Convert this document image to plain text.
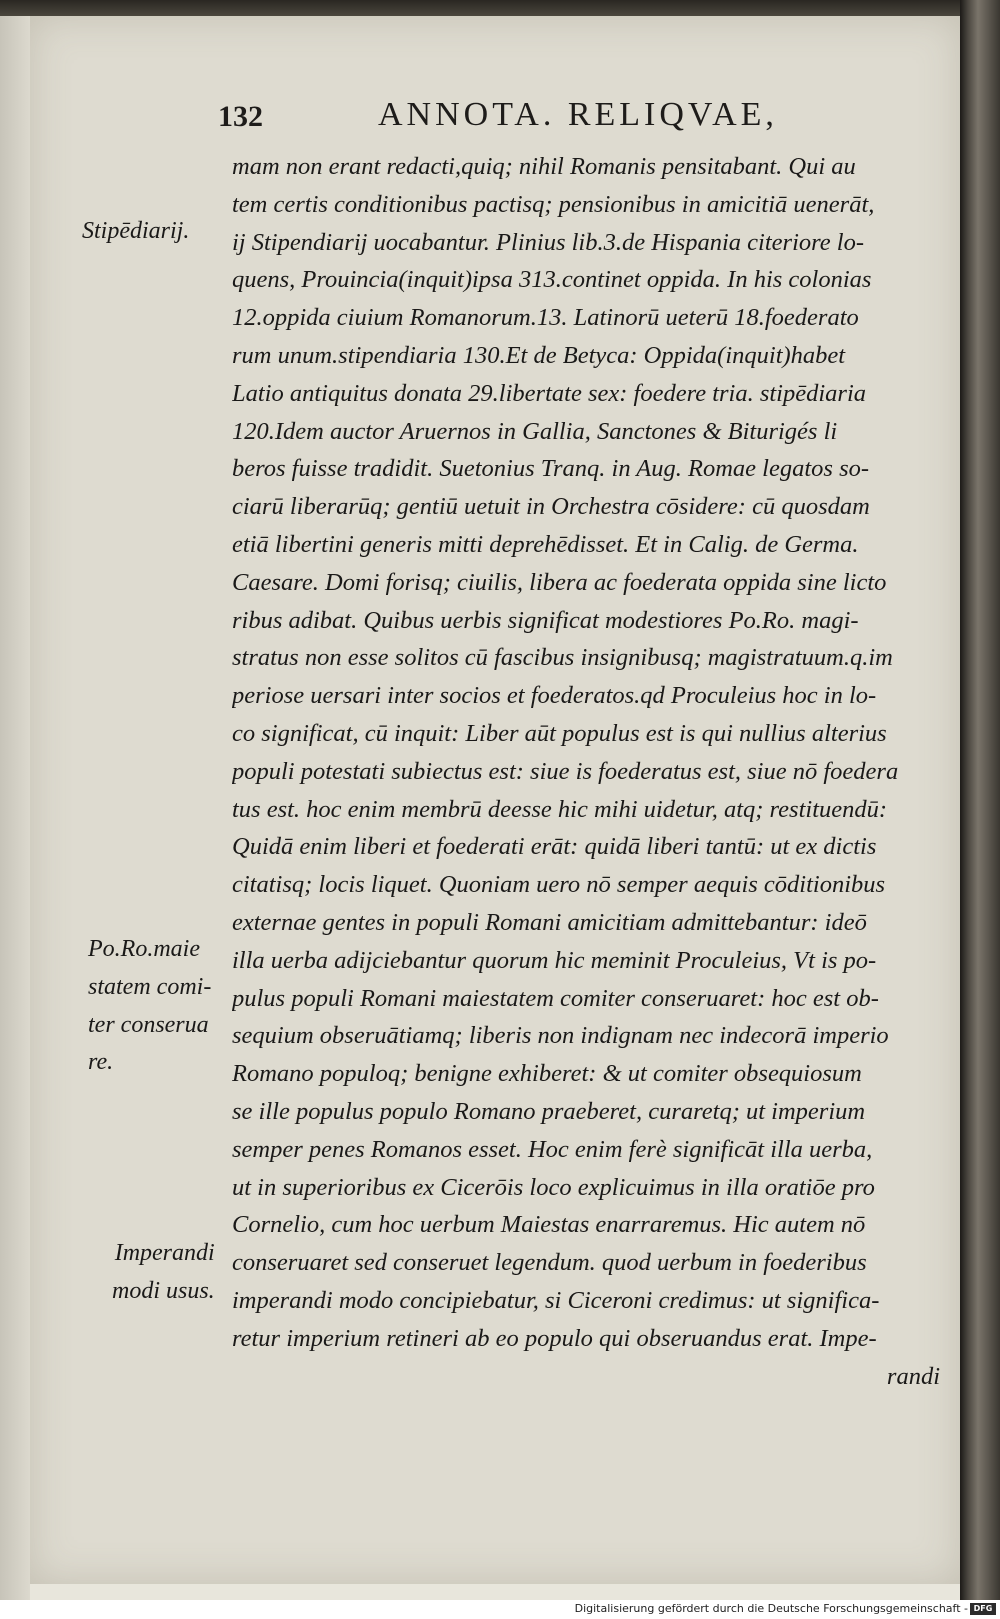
132	ANNOTA. RELIQVAE,
mam non erant redacti,quiq; nihil Romanis pensitabant. Qui au
tem certis conditionibus pactisq; pensionibus in amicitiā uenerāt,
ij Stipendiarij uocabantur. Plinius lib.3.de Hispania citeriore lo-
quens, Prouincia(inquit)ipsa 313.continet oppida. In his colonias
12.oppida ciuium Romanorum.13. Latinorū ueterū 18.foederato
rum unum.stipendiaria 130.Et de Betyca: Oppida(inquit)habet
Latio antiquitus donata 29.libertate sex: foedere tria. stipēdiaria
120.Idem auctor Aruernos in Gallia, Sanctones & Biturigés li
beros fuisse tradidit. Suetonius Tranq. in Aug. Romae legatos so-
ciarū liberarūq; gentiū uetuit in Orchestra cōsidere: cū quosdam
etiā libertini generis mitti deprehēdisset. Et in Calig. de Germa.
Caesare. Domi forisq; ciuilis, libera ac foederata oppida sine licto
ribus adibat. Quibus uerbis significat modestiores Po.Ro. magi-
stratus non esse solitos cū fascibus insignibusq; magistratuum.q.im
periose uersari inter socios et foederatos.qd Proculeius hoc in lo-
co significat, cū inquit: Liber aūt populus est is qui nullius alterius
populi potestati subiectus est: siue is foederatus est, siue nō foedera
tus est. hoc enim membrū deesse hic mihi uidetur, atq; restituendū:
Quidā enim liberi et foederati erāt: quidā liberi tantū: ut ex dictis
citatisq; locis liquet. Quoniam uero nō semper aequis cōditionibus
externae gentes in populi Romani amicitiam admittebantur: ideō
illa uerba adijciebantur quorum hic meminit Proculeius, Vt is po-
pulus populi Romani maiestatem comiter conseruaret: hoc est ob-
sequium obseruātiamq; liberis non indignam nec indecorā imperio
Romano populoq; benigne exhiberet: & ut comiter obsequiosum
se ille populus populo Romano praeberet, curaretq; ut imperium
semper penes Romanos esset. Hoc enim ferè significāt illa uerba,
ut in superioribus ex Cicerōis loco explicuimus in illa oratiōe pro
Cornelio, cum hoc uerbum Maiestas enarraremus. Hic autem nō
conseruaret sed conseruet legendum. quod uerbum in foederibus
imperandi modo concipiebatur, si Ciceroni credimus: ut significa-
retur imperium retineri ab eo populo qui obseruandus erat. Impe-
randi
Stipēdiarij.
Po.Ro.maie
statem comi-
ter conserua
re.
Imperandi
modi usus.
Digitalisierung gefördert durch die Deutsche Forschungsgemeinschaft - DFG
